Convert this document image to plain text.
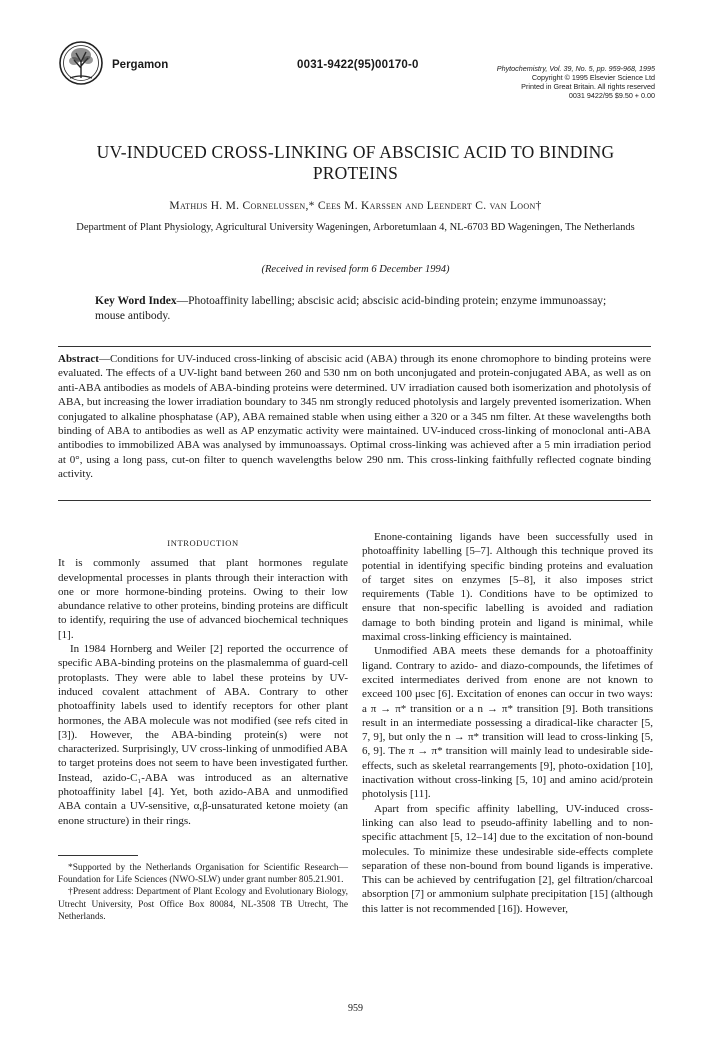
Pergamon	0031-9422(95)00170-0	Phytochemistry, Vol. 39, No. 5, pp. 959-968, 1995
Copyright © 1995 Elsevier Science Ltd
Printed in Great Britain. All rights reserved
0031 9422/95 $9.50 + 0.00
UV-INDUCED CROSS-LINKING OF ABSCISIC ACID TO BINDING PROTEINS
Mathijs H. M. Cornelussen,* Cees M. Karssen and Leendert C. van Loon†
Department of Plant Physiology, Agricultural University Wageningen, Arboretumlaan 4, NL-6703 BD Wageningen, The Netherlands
(Received in revised form 6 December 1994)
Key Word Index—Photoaffinity labelling; abscisic acid; abscisic acid-binding protein; enzyme immunoassay; mouse antibody.
Abstract—Conditions for UV-induced cross-linking of abscisic acid (ABA) through its enone chromophore to binding proteins were evaluated. The effects of a UV-light band between 260 and 530 nm on both unconjugated and protein-conjugated ABA, as well as on anti-ABA antibodies as models of ABA-binding proteins were determined. UV irradiation caused both isomerization and photolysis of ABA, but increasing the lower irradiation boundary to 345 nm strongly reduced photolysis and largely prevented isomerization. When conjugated to alkaline phosphatase (AP), ABA remained stable when using either a 320 or a 345 nm filter. At these wavelengths both binding of ABA to antibodies as well as AP enzymatic activity were maintained. UV-induced cross-linking of monoclonal anti-ABA antibodies to immobilized ABA was analysed by immunoassays. Optimal cross-linking was achieved after a 5 min irradiation period at 0°, using a long pass, cut-on filter to quench wavelengths below 290 nm. This cross-linking faithfully reflected cognate binding activity.
INTRODUCTION

It is commonly assumed that plant hormones regulate developmental processes in plants through their interaction with one or more hormone-binding proteins. Owing to their low abundance relative to other proteins, binding proteins are difficult to identify, requiring the use of advanced biochemical techniques [1].

In 1984 Hornberg and Weiler [2] reported the occurrence of specific ABA-binding proteins on the plasmalemma of guard-cell protoplasts. They were able to label these proteins by UV-induced covalent attachment of ABA. Contrary to other photoaffinity labels used to identify receptors for other plant hormones, the ABA molecule was not modified (see refs cited in [3]). However, the ABA-binding protein(s) were not characterized. Surprisingly, UV cross-linking of unmodified ABA to target proteins does not seem to have been investigated further. Instead, azido-C₁-ABA was introduced as an alternative photoaffinity label [4]. Yet, both azido-ABA and unmodified ABA contain a UV-sensitive, α,β-unsaturated ketone moiety (an enone structure) in their rings.

*Supported by the Netherlands Organisation for Scientific Research—Foundation for Life Sciences (NWO-SLW) under grant number 805.21.901.

†Present address: Department of Plant Ecology and Evolutionary Biology, Utrecht University, Post Office Box 80084, NL-3508 TB Utrecht, The Netherlands.

Enone-containing ligands have been successfully used in photoaffinity labelling [5–7]. Although this technique proved its potential in identifying specific binding proteins and evaluation of target sites on enzymes [5–8], it also imposes strict requirements (Table 1). Conditions have to be optimized to ensure that non-specific labelling is avoided and radiation damage to both binding protein and ligand is minimal, while maximal cross-linking efficiency is maintained.

Unmodified ABA meets these demands for a photoaffinity ligand. Contrary to azido- and diazo-compounds, the lifetimes of excited intermediates derived from enone are not known to exceed 100 μsec [6]. Excitation of enones can occur in two ways: a π → π* transition or a n → π* transition [9]. Both transitions result in an intermediate possessing a diradical-like character [5, 7, 9], but only the n → π* transition will lead to cross-linking [5, 6, 9]. The π → π* transition will mainly lead to undesirable side-effects, such as skeletal rearrangements [9], photo-oxidation [10], inactivation without cross-linking [5, 10] and amino acid/protein photolysis [11].

Apart from specific affinity labelling, UV-induced cross-linking can also lead to pseudo-affinity labelling and to non-specific attachment [5, 12–14] due to the excitation of non-bound molecules. To minimize these undesirable side-effects complete separation of these non-bound from bound ligands is imperative. This can be achieved by centrifugation [2], gel filtration/charcoal absorption [7] or ammonium sulphate precipitation [15] (although this latter is not recommended [16]). However,

959
